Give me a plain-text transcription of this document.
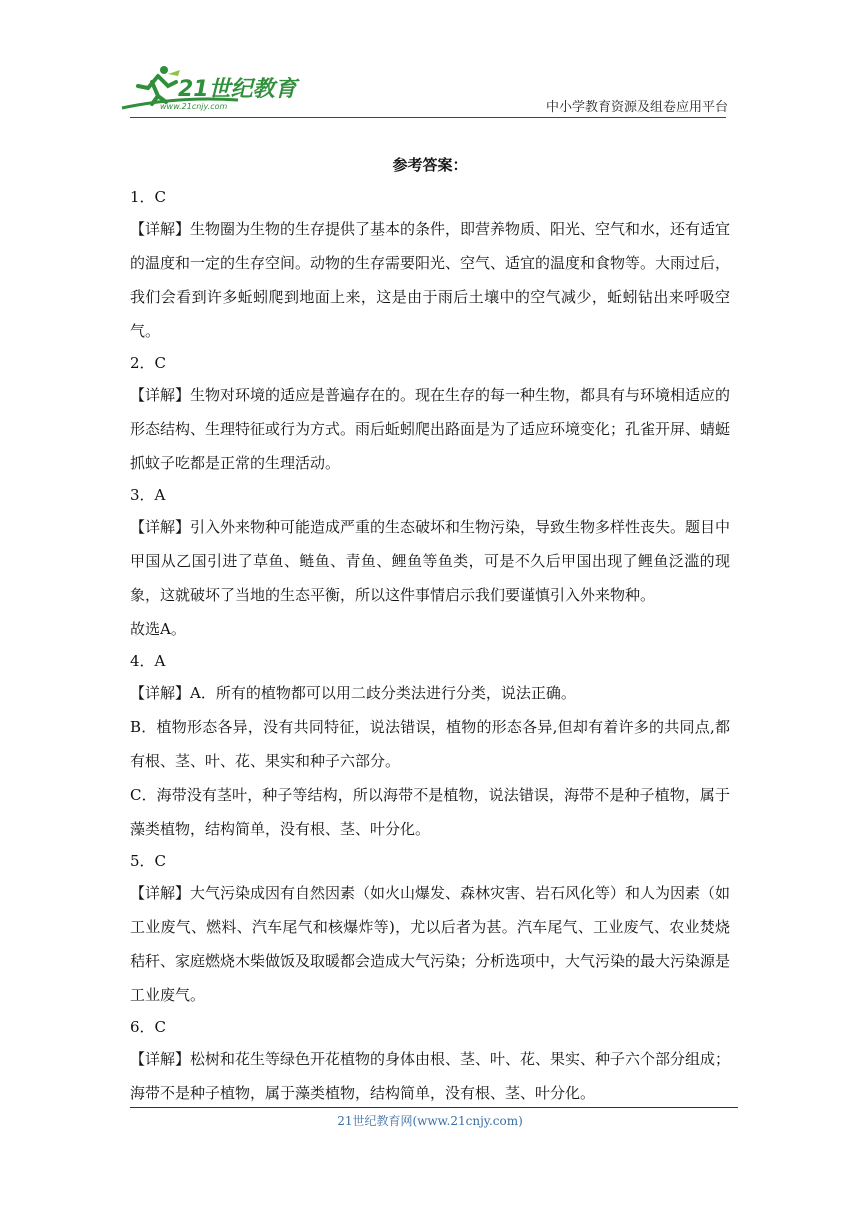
21世纪教育
www.21cnjy.com	中小学教育资源及组卷应用平台
参考答案：
1．C

【详解】生物圈为生物的生存提供了基本的条件，即营养物质、阳光、空气和水，还有适宜的温度和一定的生存空间。动物的生存需要阳光、空气、适宜的温度和食物等。大雨过后，我们会看到许多蚯蚓爬到地面上来，这是由于雨后土壤中的空气减少，蚯蚓钻出来呼吸空气。

2．C

【详解】生物对环境的适应是普遍存在的。现在生存的每一种生物，都具有与环境相适应的形态结构、生理特征或行为方式。雨后蚯蚓爬出路面是为了适应环境变化；孔雀开屏、蜻蜓抓蚊子吃都是正常的生理活动。

3．A

【详解】引入外来物种可能造成严重的生态破坏和生物污染，导致生物多样性丧失。题目中甲国从乙国引进了草鱼、鲢鱼、青鱼、鲤鱼等鱼类，可是不久后甲国出现了鲤鱼泛滥的现象，这就破坏了当地的生态平衡，所以这件事情启示我们要谨慎引入外来物种。

故选A。

4．A

【详解】A．所有的植物都可以用二歧分类法进行分类，说法正确。

B．植物形态各异，没有共同特征，说法错误，植物的形态各异,但却有着许多的共同点,都有根、茎、叶、花、果实和种子六部分。

C．海带没有茎叶，种子等结构，所以海带不是植物，说法错误，海带不是种子植物，属于藻类植物，结构简单，没有根、茎、叶分化。

5．C

【详解】大气污染成因有自然因素（如火山爆发、森林灾害、岩石风化等）和人为因素（如工业废气、燃料、汽车尾气和核爆炸等)，尤以后者为甚。汽车尾气、工业废气、农业焚烧秸秆、家庭燃烧木柴做饭及取暖都会造成大气污染；分析选项中，大气污染的最大污染源是工业废气。

6．C

【详解】松树和花生等绿色开花植物的身体由根、茎、叶、花、果实、种子六个部分组成；海带不是种子植物，属于藻类植物，结构简单，没有根、茎、叶分化。

21世纪教育网(www.21cnjy.com)
